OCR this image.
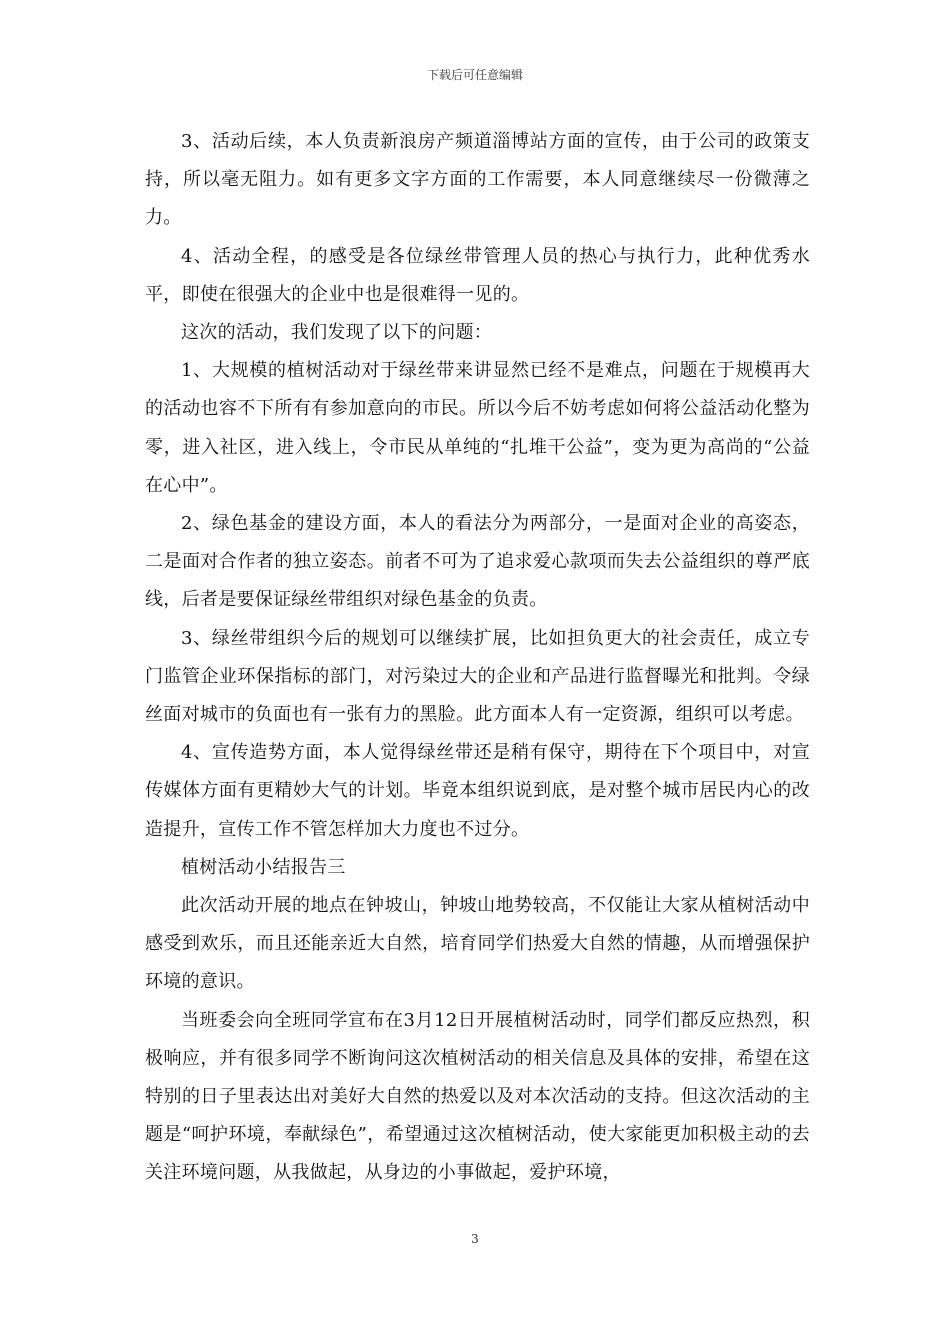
下载后可任意编辑

3、活动后续，本人负责新浪房产频道淄博站方面的宣传，由于公司的政策支持，所以毫无阻力。如有更多文字方面的工作需要，本人同意继续尽一份微薄之力。

4、活动全程，的感受是各位绿丝带管理人员的热心与执行力，此种优秀水平，即使在很强大的企业中也是很难得一见的。

这次的活动，我们发现了以下的问题：

1、大规模的植树活动对于绿丝带来讲显然已经不是难点，问题在于规模再大的活动也容不下所有有参加意向的市民。所以今后不妨考虑如何将公益活动化整为零，进入社区，进入线上，令市民从单纯的“扎堆干公益”，变为更为高尚的“公益在心中”。

2、绿色基金的建设方面，本人的看法分为两部分，一是面对企业的高姿态，二是面对合作者的独立姿态。前者不可为了追求爱心款项而失去公益组织的尊严底线，后者是要保证绿丝带组织对绿色基金的负责。

3、绿丝带组织今后的规划可以继续扩展，比如担负更大的社会责任，成立专门监管企业环保指标的部门，对污染过大的企业和产品进行监督曝光和批判。令绿丝面对城市的负面也有一张有力的黑脸。此方面本人有一定资源，组织可以考虑。

4、宣传造势方面，本人觉得绿丝带还是稍有保守，期待在下个项目中，对宣传媒体方面有更精妙大气的计划。毕竟本组织说到底，是对整个城市居民内心的改造提升，宣传工作不管怎样加大力度也不过分。

植树活动小结报告三

此次活动开展的地点在钟坡山，钟坡山地势较高，不仅能让大家从植树活动中感受到欢乐，而且还能亲近大自然，培育同学们热爱大自然的情趣，从而增强保护环境的意识。

当班委会向全班同学宣布在3月12日开展植树活动时，同学们都反应热烈，积极响应，并有很多同学不断询问这次植树活动的相关信息及具体的安排，希望在这特别的日子里表达出对美好大自然的热爱以及对本次活动的支持。但这次活动的主题是“呵护环境，奉献绿色”，希望通过这次植树活动，使大家能更加积极主动的去关注环境问题，从我做起，从身边的小事做起，爱护环境，

3
